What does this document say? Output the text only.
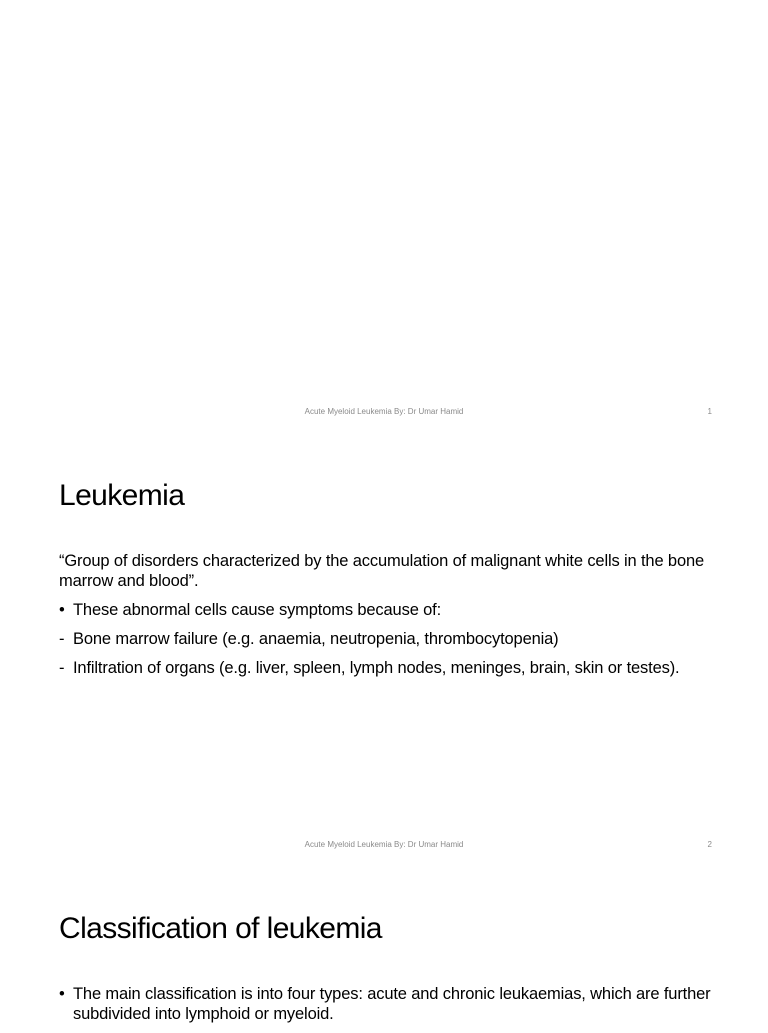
Acute Myeloid Leukemia By: Dr Umar Hamid	1
Leukemia

“Group of disorders characterized by the accumulation of malignant white cells in the bone marrow and blood”.

• These abnormal cells cause symptoms because of:
- Bone marrow failure (e.g. anaemia, neutropenia, thrombocytopenia)
- Infiltration of organs (e.g. liver, spleen, lymph nodes, meninges, brain, skin or testes).
Acute Myeloid Leukemia By: Dr Umar Hamid	2
Classification of leukemia
• The main classification is into four types: acute and chronic leukaemias, which are further subdivided into lymphoid or myeloid.
